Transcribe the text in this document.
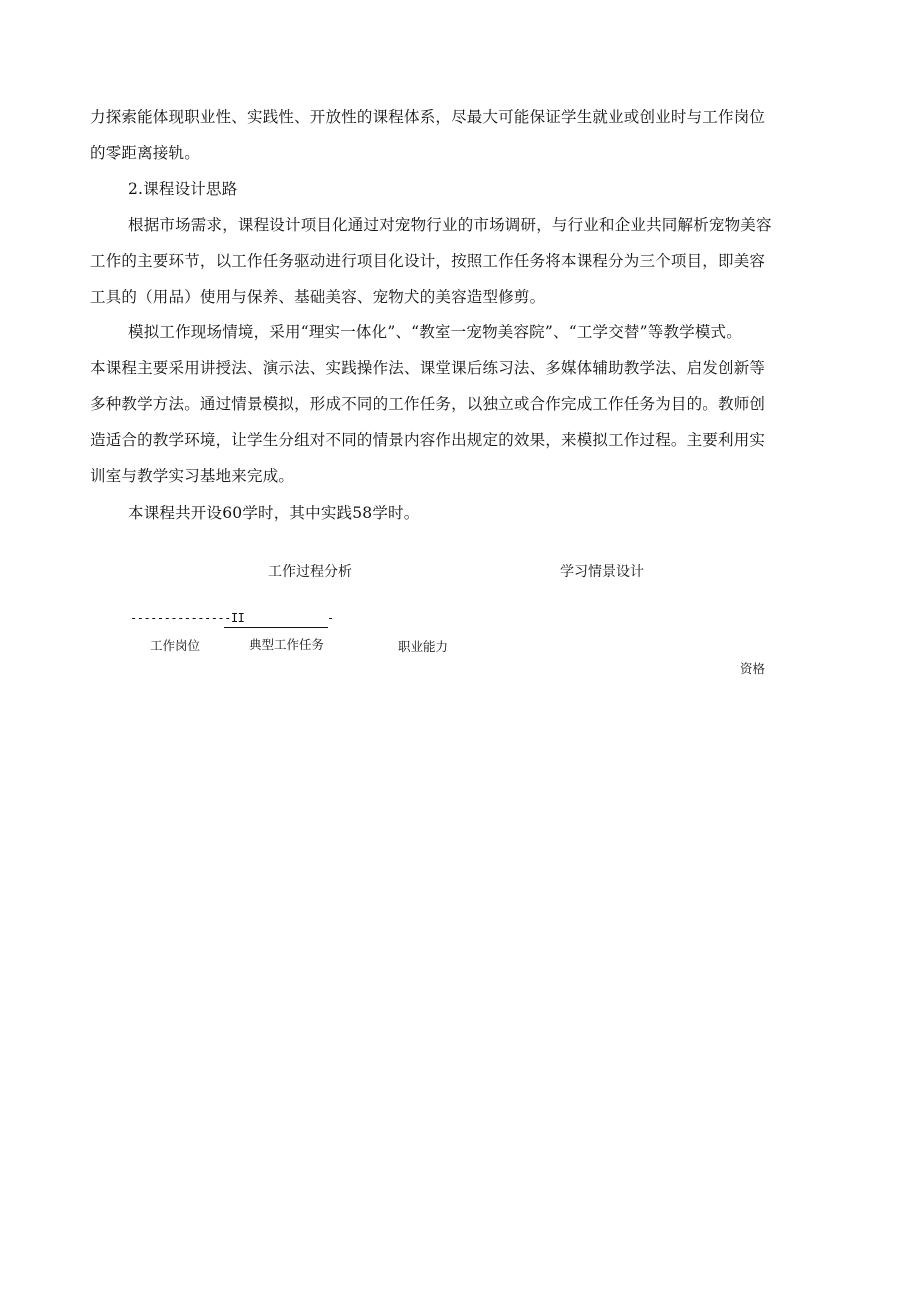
力探索能体现职业性、实践性、开放性的课程体系，尽最大可能保证学生就业或创业时与工作岗位
的零距离接轨。
2.课程设计思路
根据市场需求，课程设计项目化通过对宠物行业的市场调研，与行业和企业共同解析宠物美容
工作的主要环节，以工作任务驱动进行项目化设计，按照工作任务将本课程分为三个项目，即美容
工具的（用品）使用与保养、基础美容、宠物犬的美容造型修剪。
模拟工作现场情境，采用“理实一体化”、“教室一宠物美容院”、“工学交替”等教学模式。
本课程主要采用讲授法、演示法、实践操作法、课堂课后练习法、多媒体辅助教学法、启发创新等
多种教学方法。通过情景模拟，形成不同的工作任务，以独立或合作完成工作任务为目的。教师创
造适合的教学环境，让学生分组对不同的情景内容作出规定的效果，来模拟工作过程。主要利用实
训室与教学实习基地来完成。
本课程共开设60学时，其中实践58学时。
工作过程分析	学习情景设计
---------------II	-
工作岗位	典型工作任务	职业能力
资格
